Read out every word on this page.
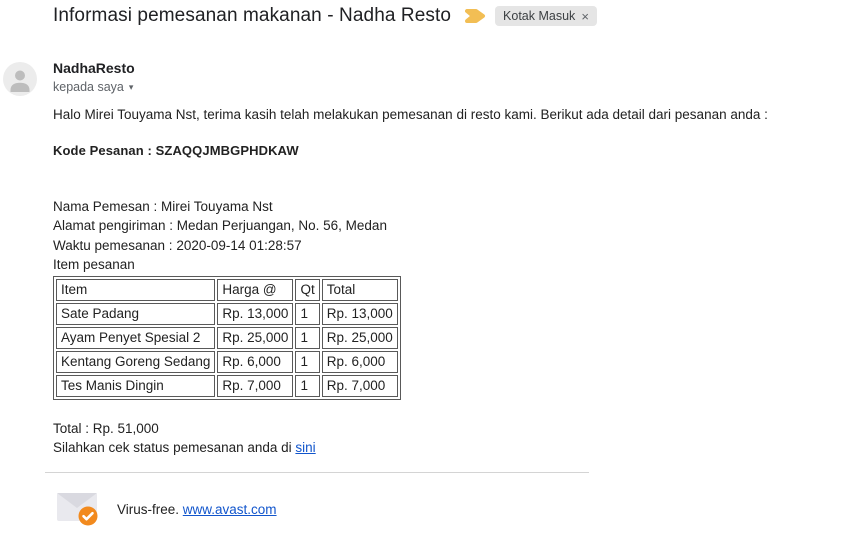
Informasi pemesanan makanan - Nadha Resto	Kotak Masuk ×
NadhaResto
kepada saya ▾
Halo Mirei Touyama Nst, terima kasih telah melakukan pemesanan di resto kami. Berikut ada detail dari pesanan anda :
Kode Pesanan : SZAQQJMBGPHDKAW
Nama Pemesan : Mirei Touyama Nst
Alamat pengiriman : Medan Perjuangan, No. 56, Medan
Waktu pemesanan : 2020-09-14 01:28:57
Item pesanan
Item	Harga @	Qt	Total
Sate Padang	Rp. 13,000	1	Rp. 13,000
Ayam Penyet Spesial 2	Rp. 25,000	1	Rp. 25,000
Kentang Goreng Sedang	Rp. 6,000	1	Rp. 6,000
Tes Manis Dingin	Rp. 7,000	1	Rp. 7,000
Total : Rp. 51,000
Silahkan cek status pemesanan anda di sini
Virus-free. www.avast.com
